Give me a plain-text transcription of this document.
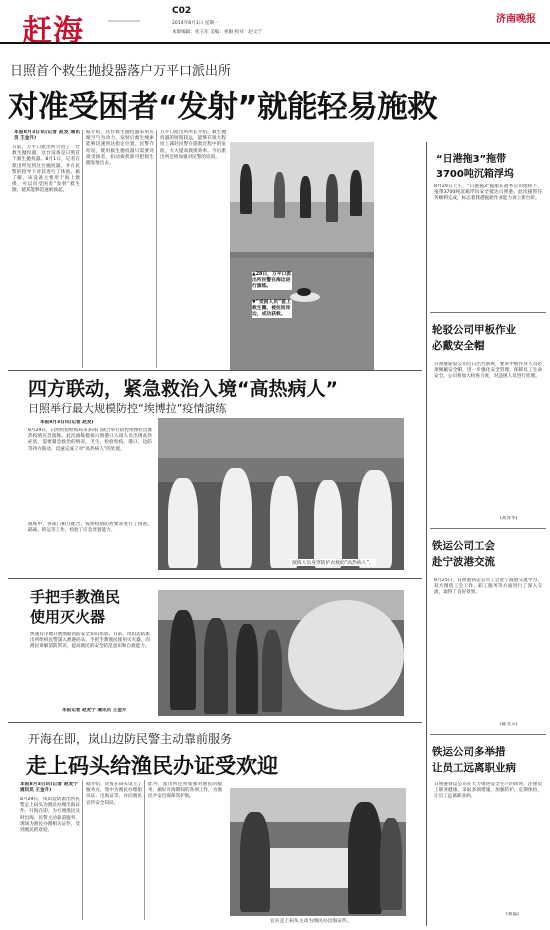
赶海
C02
2014年8月1日 星期一
本版编辑：化玉军 美编：祖眼 校对：赵文宁
济南晚报
日照首个救生抛投器落户万平口派出所
对准受困者“发射”就能轻易施救
本报8月3日讯(记者 赵发 通讯员 王金升)
日前，万平口派出所引进了一台救生抛投器，这台设备是日照首个救生抛投器。8月1日，记者在派出所见到这台抛投器，并在民警的指导下对其进行了体验。据了解，该设备主要用于海上救援，可以向受困者“发射”救生圈，使其能够迅速被救起。
据介绍，这台救生抛投器采用压缩空气为动力，发射后救生绳索能够迅速到达指定位置。民警介绍说，使用救生抛投器只需要对准受困者，扣动扳机即可把救生圈发射出去。
万平口派出所所长介绍，救生抛投器的射程较远，能够在很大程度上减轻民警在施救过程中的危险，大大提高救援效率。今后派出所还将加强对民警的培训。
▲28日，万平口派出所民警在海边进行演练。
▼“受困人员”套上救生圈，被拉回岸边，成功获救。
“日港拖3”拖带
3700吨沉箱浮坞
8月29日上午，“日港拖3”拖船在港务公司指挥下，拖带3700吨沉箱浮坞安全抵达日照港。此次拖带任务顺利完成，标志着我港拖轮作业能力再上新台阶。
轮驳公司甲板作业
必戴安全帽
日照港轮驳公司近日出台新规，要求甲板作业人员必须佩戴安全帽，进一步强化安全管理，保障员工生命安全。公司将加大检查力度，对违规人员进行处理。
(高显华)
铁运公司工会
赴宁波港交流
8月25日，日照港铁运公司工会赴宁波港交流学习，双方围绕工会工作、职工服务等方面进行了深入交流，取得了良好效果。
(陈文义)
铁运公司多举措
让员工远离职业病
日照港铁运公司在大力推进安全生产的同时，注重员工职业健康，采取多项措施，加强防护，定期体检，让员工远离职业病。
(刘磊)
四方联动，紧急救治入境“高热病人”
日照举行最大规模防控“埃博拉”疫情演练
本报8月3日讯(记者 赵发)
8月29日，日照检验检疫局等多部门联合举行防控埃博拉出血热疫情应急演练。此次演练模拟日照港口入境人员出现高热症状，需要紧急救治的情况，卫生、检验检疫、港口、边防等四方联动，迅速完成了对“高热病人”的处置。
演练中，各部门相互配合，按照疫情防控要求进行了排查、隔离、转运等工作，检验了应急处置能力。
演练人员身穿防护衣救助“高热病人”。
手把手教渔民
使用灭火器
快速有序地开展渔船消防安全知识培训。日前，岚山边防派出所组织民警深入渔港码头，手把手教渔民使用灭火器，向渔民讲解消防常识，提高渔民的安全防范意识和自救能力。
本报记者 赵发宁 通讯员 王金升
开海在即，岚山边防民警主动靠前服务
走上码头给渔民办证受欢迎
本报8月3日讯(记者 赵发宁 通讯员 王金升)
8月29日，岚山边防派出所民警走上码头为渔民办理出海证件。开海在即，为方便渔民及时出海，民警主动靠前服务，现场为渔民办理相关证件，受到渔民的欢迎。
据介绍，民警在码头设立了服务点，集中为渔民办理船员证、出海证等，并向渔民宣传安全知识。
此外，派出所还将加强对渔民的服务，做好开海期间的各项工作，为渔民平安出海保驾护航。
官兵走上码头主动为渔民办出海证件。
